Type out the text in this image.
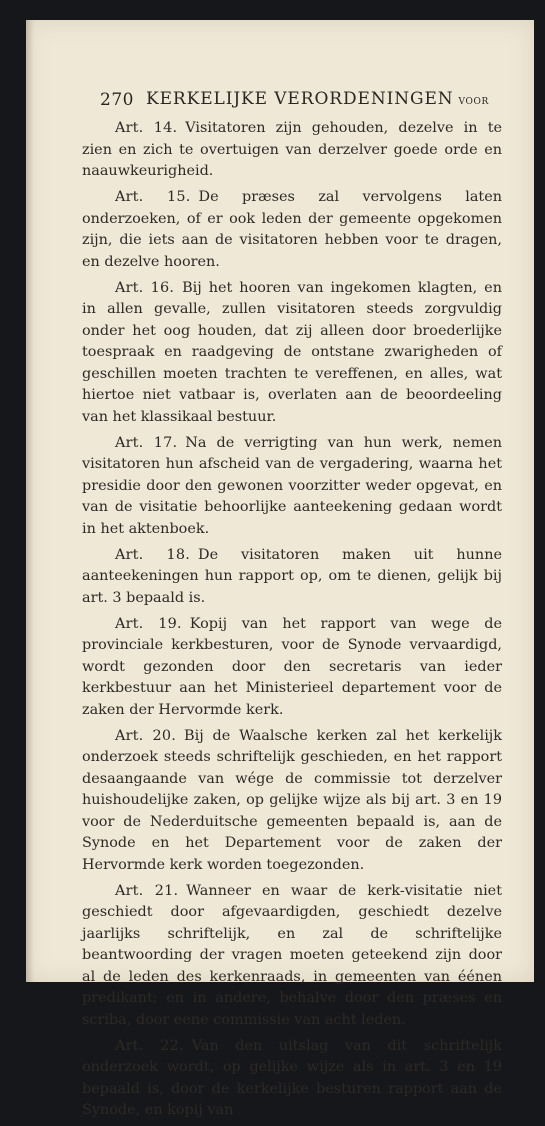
270 KERKELIJKE VERORDENINGEN voor

Art. 14. Visitatoren zijn gehouden, dezelve in te zien en zich te overtuigen van derzelver goede orde en naauwkeurigheid.

Art. 15. De præses zal vervolgens laten onderzoeken, of er ook leden der gemeente opgekomen zijn, die iets aan de visitatoren hebben voor te dragen, en dezelve hooren.

Art. 16. Bij het hooren van ingekomen klagten, en in allen gevalle, zullen visitatoren steeds zorgvuldig onder het oog houden, dat zij alleen door broederlijke toespraak en raadgeving de ontstane zwarigheden of geschillen moeten trachten te vereffenen, en alles, wat hiertoe niet vatbaar is, overlaten aan de beoordeeling van het klassikaal bestuur.

Art. 17. Na de verrigting van hun werk, nemen visitatoren hun afscheid van de vergadering, waarna het presidie door den gewonen voorzitter weder opgevat, en van de visitatie behoorlijke aanteekening gedaan wordt in het aktenboek.

Art. 18. De visitatoren maken uit hunne aanteekeningen hun rapport op, om te dienen, gelijk bij art. 3 bepaald is.

Art. 19. Kopij van het rapport van wege de provinciale kerkbesturen, voor de Synode vervaardigd, wordt gezonden door den secretaris van ieder kerkbestuur aan het Ministerieel departement voor de zaken der Hervormde kerk.

Art. 20. Bij de Waalsche kerken zal het kerkelijk onderzoek steeds schriftelijk geschieden, en het rapport desaangaande van wége de commissie tot derzelver huishoudelijke zaken, op gelijke wijze als bij art. 3 en 19 voor de Nederduitsche gemeenten bepaald is, aan de Synode en het Departement voor de zaken der Hervormde kerk worden toegezonden.

Art. 21. Wanneer en waar de kerk-visitatie niet geschiedt door afgevaardigden, geschiedt dezelve jaarlijks schriftelijk, en zal de schriftelijke beantwoording der vragen moeten geteekend zijn door al de leden des kerkenraads, in gemeenten van éénen predikant; en in andere, behalve door den præses en scriba, door eene commissie van acht leden.

Art. 22. Van den uitslag van dit schriftelijk onderzoek wordt, op gelijke wijze als in art. 3 en 19 bepaald is, door de kerkelijke besturen rapport aan de Synode, en kopij van
